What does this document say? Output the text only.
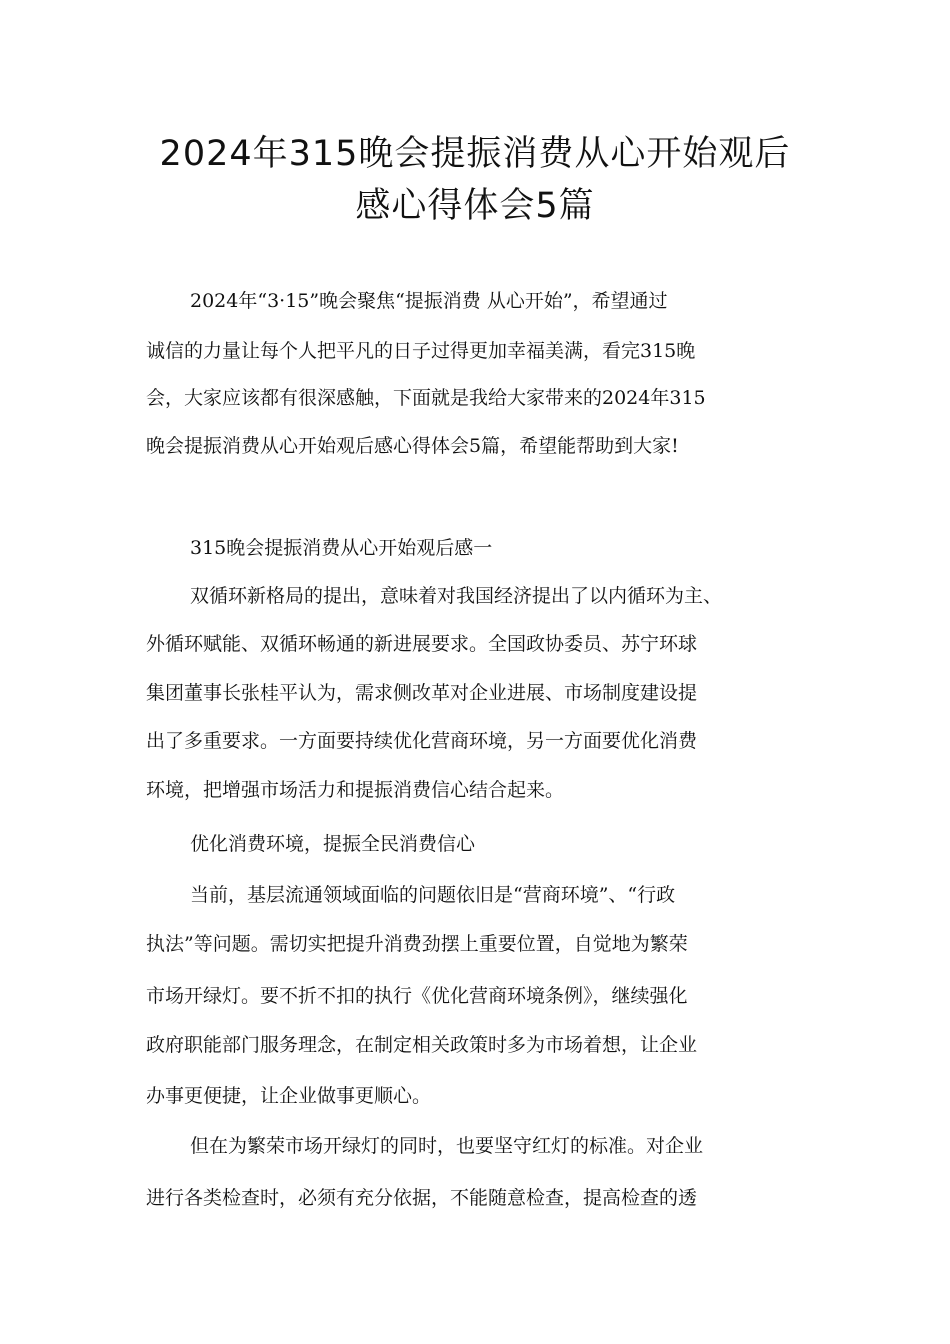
2024年315晚会提振消费从心开始观后
感心得体会5篇
2024年“3·15”晚会聚焦“提振消费 从心开始”，希望通过
诚信的力量让每个人把平凡的日子过得更加幸福美满，看完315晚
会，大家应该都有很深感触，下面就是我给大家带来的2024年315
晚会提振消费从心开始观后感心得体会5篇，希望能帮助到大家!
315晚会提振消费从心开始观后感一
双循环新格局的提出，意味着对我国经济提出了以内循环为主、
外循环赋能、双循环畅通的新进展要求。全国政协委员、苏宁环球
集团董事长张桂平认为，需求侧改革对企业进展、市场制度建设提
出了多重要求。一方面要持续优化营商环境，另一方面要优化消费
环境，把增强市场活力和提振消费信心结合起来。
优化消费环境，提振全民消费信心
当前，基层流通领域面临的问题依旧是“营商环境”、“行政
执法”等问题。需切实把提升消费劲摆上重要位置，自觉地为繁荣
市场开绿灯。要不折不扣的执行《优化营商环境条例》，继续强化
政府职能部门服务理念，在制定相关政策时多为市场着想，让企业
办事更便捷，让企业做事更顺心。
但在为繁荣市场开绿灯的同时，也要坚守红灯的标准。对企业
进行各类检查时，必须有充分依据，不能随意检查，提高检查的透
